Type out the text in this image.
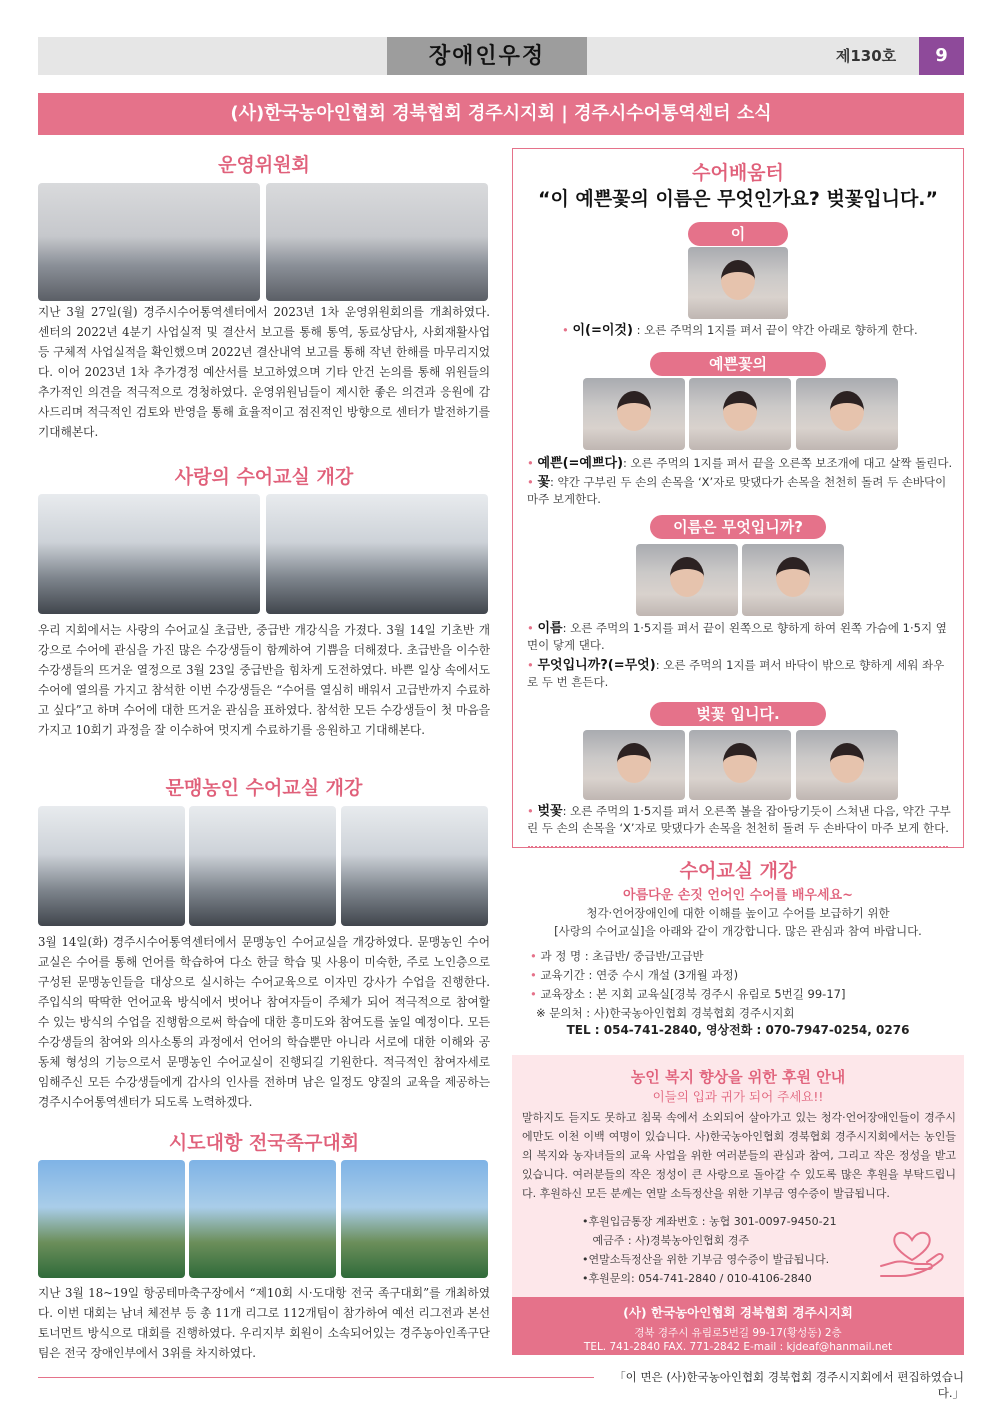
장애인우정	제130호	9
(사)한국농아인협회 경북협회 경주시지회 | 경주시수어통역센터 소식
운영위원회
지난 3월 27일(월) 경주시수어통역센터에서 2023년 1차 운영위원회의를 개최하였다. 센터의 2022년 4분기 사업실적 및 결산서 보고를 통해 통역, 동료상담사, 사회재활사업 등 구체적 사업실적을 확인했으며 2022년 결산내역 보고를 통해 작년 한해를 마무리지었다. 이어 2023년 1차 추가경정 예산서를 보고하였으며 기타 안건 논의를 통해 위원들의 추가적인 의견을 적극적으로 경청하였다. 운영위원님들이 제시한 좋은 의견과 응원에 감사드리며 적극적인 검토와 반영을 통해 효율적이고 점진적인 방향으로 센터가 발전하기를 기대해본다.
사랑의 수어교실 개강
우리 지회에서는 사랑의 수어교실 초급반, 중급반 개강식을 가졌다. 3월 14일 기초반 개강으로 수어에 관심을 가진 많은 수강생들이 함께하여 기쁨을 더해졌다. 초급반을 이수한 수강생들의 뜨거운 열정으로 3월 23일 중급반을 힘차게 도전하였다. 바쁜 일상 속에서도 수어에 열의를 가지고 참석한 이번 수강생들은 “수어를 열심히 배워서 고급반까지 수료하고 싶다”고 하며 수어에 대한 뜨거운 관심을 표하였다. 참석한 모든 수강생들이 첫 마음을 가지고 10회기 과정을 잘 이수하여 멋지게 수료하기를 응원하고 기대해본다.
문맹농인 수어교실 개강
3월 14일(화) 경주시수어통역센터에서 문맹농인 수어교실을 개강하였다. 문맹농인 수어교실은 수어를 통해 언어를 학습하여 다소 한글 학습 및 사용이 미숙한, 주로 노인층으로 구성된 문맹농인들을 대상으로 실시하는 수어교육으로 이자민 강사가 수업을 진행한다. 주입식의 딱딱한 언어교육 방식에서 벗어나 참여자들이 주체가 되어 적극적으로 참여할 수 있는 방식의 수업을 진행함으로써 학습에 대한 흥미도와 참여도를 높일 예정이다. 모든 수강생들의 참여와 의사소통의 과정에서 언어의 학습뿐만 아니라 서로에 대한 이해와 공동체 형성의 기능으로서 문맹농인 수어교실이 진행되길 기원한다. 적극적인 참여자세로 임해주신 모든 수강생들에게 감사의 인사를 전하며 남은 일정도 양질의 교육을 제공하는 경주시수어통역센터가 되도록 노력하겠다.
시도대항 전국족구대회
지난 3월 18~19일 항공테마축구장에서 “제10회 시·도대항 전국 족구대회”를 개최하였다. 이번 대회는 남녀 체전부 등 총 11개 리그로 112개팀이 참가하여 예선 리그전과 본선 토너먼트 방식으로 대회를 진행하였다. 우리지부 회원이 소속되어있는 경주농아인족구단팀은 전국 장애인부에서 3위를 차지하였다.
수어배움터
“이 예쁜꽃의 이름은 무엇인가요? 벚꽃입니다.”
이
• 이(=이것) : 오른 주먹의 1지를 펴서 끝이 약간 아래로 향하게 한다.
예쁜꽃의
• 예쁜(=예쁘다): 오른 주먹의 1지를 펴서 끝을 오른쪽 보조개에 대고 살짝 돌린다.
• 꽃: 약간 구부린 두 손의 손목을 ‘X’자로 맞댔다가 손목을 천천히 돌려 두 손바닥이 마주 보게한다.
이름은 무엇입니까?
• 이름: 오른 주먹의 1·5지를 펴서 끝이 왼쪽으로 향하게 하여 왼쪽 가슴에 1·5지 옆면이 닿게 댄다.
• 무엇입니까?(=무엇): 오른 주먹의 1지를 펴서 바닥이 밖으로 향하게 세워 좌우로 두 번 흔든다.
벚꽃 입니다.
• 벚꽃: 오른 주먹의 1·5지를 펴서 오른쪽 볼을 잡아당기듯이 스쳐낸 다음, 약간 구부린 두 손의 손목을 ‘X’자로 맞댔다가 손목을 천천히 돌려 두 손바닥이 마주 보게 한다.
수어교실 개강
아름다운 손짓 언어인 수어를 배우세요~
청각·언어장애인에 대한 이해를 높이고 수어를 보급하기 위한
[사랑의 수어교실]을 아래와 같이 개강합니다. 많은 관심과 참여 바랍니다.
• 과 정 명 : 초급반/ 중급반/고급반
• 교육기간 : 연중 수시 개설 (3개월 과정)
• 교육장소 : 본 지회 교육실[경북 경주시 유림로 5번길 99-17]
※ 문의처 : 사)한국농아인협회 경북협회 경주시지회
TEL : 054-741-2840, 영상전화 : 070-7947-0254, 0276
농인 복지 향상을 위한 후원 안내
이들의 입과 귀가 되어 주세요!!
말하지도 듣지도 못하고 침묵 속에서 소외되어 살아가고 있는 청각·언어장애인들이 경주시에만도 이천 이백 여명이 있습니다. 사)한국농아인협회 경북협회 경주시지회에서는 농인들의 복지와 농자녀들의 교육 사업을 위한 여러분들의 관심과 참여, 그리고 작은 정성을 받고 있습니다. 여러분들의 작은 정성이 큰 사랑으로 돌아갈 수 있도록 많은 후원을 부탁드립니다. 후원하신 모든 분께는 연말 소득정산을 위한 기부금 영수증이 발급됩니다.
•후원입금통장 계좌번호 : 농협 301-0097-9450-21
예금주 : 사)경북농아인협회 경주
•연말소득정산을 위한 기부금 영수증이 발급됩니다.
•후원문의: 054-741-2840 / 010-4106-2840
(사) 한국농아인협회 경북협회 경주시지회
경북 경주시 유림로5번길 99-17(황성동) 2층
TEL. 741-2840 FAX. 771-2842 E-mail : kjdeaf@hanmail.net
「이 면은 (사)한국농아인협회 경북협회 경주시지회에서 편집하였습니다.」
